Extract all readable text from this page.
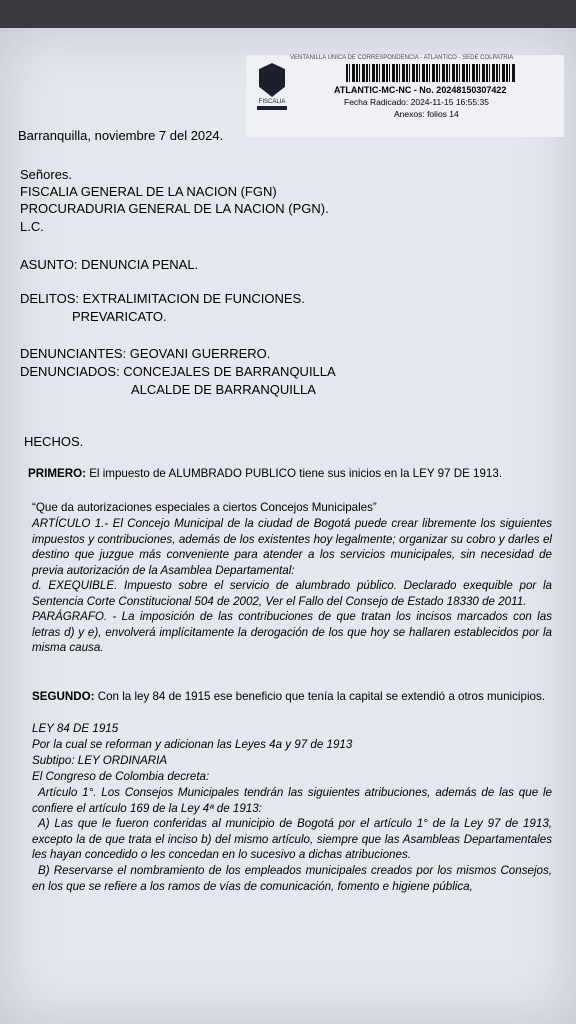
VENTANILLA UNICA DE CORRESPONDENCIA - ATLANTICO - SEDE COLPATRIA
FISCALIA
ATLANTIC-MC-NC - No. 20248150307422
Fecha Radicado: 2024-11-15 16:55:35
Anexos: folios 14
Barranquilla, noviembre 7 del 2024.
Señores.
FISCALIA GENERAL DE LA NACION (FGN)
PROCURADURIA GENERAL DE LA NACION (PGN).
L.C.
ASUNTO: DENUNCIA PENAL.
DELITOS: EXTRALIMITACION DE FUNCIONES.
PREVARICATO.
DENUNCIANTES: GEOVANI GUERRERO.
DENUNCIADOS: CONCEJALES DE BARRANQUILLA
ALCALDE DE BARRANQUILLA
HECHOS.
PRIMERO: El impuesto de ALUMBRADO PUBLICO tiene sus inicios en la LEY 97 DE 1913.
“Que da autorizaciones especiales a ciertos Concejos Municipales”
ARTÍCULO 1.- El Concejo Municipal de la ciudad de Bogotá puede crear libremente los siguientes impuestos y contribuciones, además de los existentes hoy legalmente; organizar su cobro y darles el destino que juzgue más conveniente para atender a los servicios municipales, sin necesidad de previa autorización de la Asamblea Departamental:
d. EXEQUIBLE. Impuesto sobre el servicio de alumbrado público. Declarado exequible por la Sentencia Corte Constitucional 504 de 2002, Ver el Fallo del Consejo de Estado 18330 de 2011.
PARÁGRAFO. - La imposición de las contribuciones de que tratan los incisos marcados con las letras d) y e), envolverá implícitamente la derogación de los que hoy se hallaren establecidos por la misma causa.
SEGUNDO: Con la ley 84 de 1915 ese beneficio que tenía la capital se extendió a otros municipios.
LEY 84 DE 1915
Por la cual se reforman y adicionan las Leyes 4a y 97 de 1913
Subtipo: LEY ORDINARIA
El Congreso de Colombia decreta:
Artículo 1°. Los Consejos Municipales tendrán las siguientes atribuciones, además de las que le confiere el artículo 169 de la Ley 4ª de 1913:
A) Las que le fueron conferidas al municipio de Bogotá por el artículo 1° de la Ley 97 de 1913, excepto la de que trata el inciso b) del mismo artículo, siempre que las Asambleas Departamentales les hayan concedido o les concedan en lo sucesivo a dichas atribuciones.
B) Reservarse el nombramiento de los empleados municipales creados por los mismos Consejos, en los que se refiere a los ramos de vías de comunicación, fomento e higiene pública,
